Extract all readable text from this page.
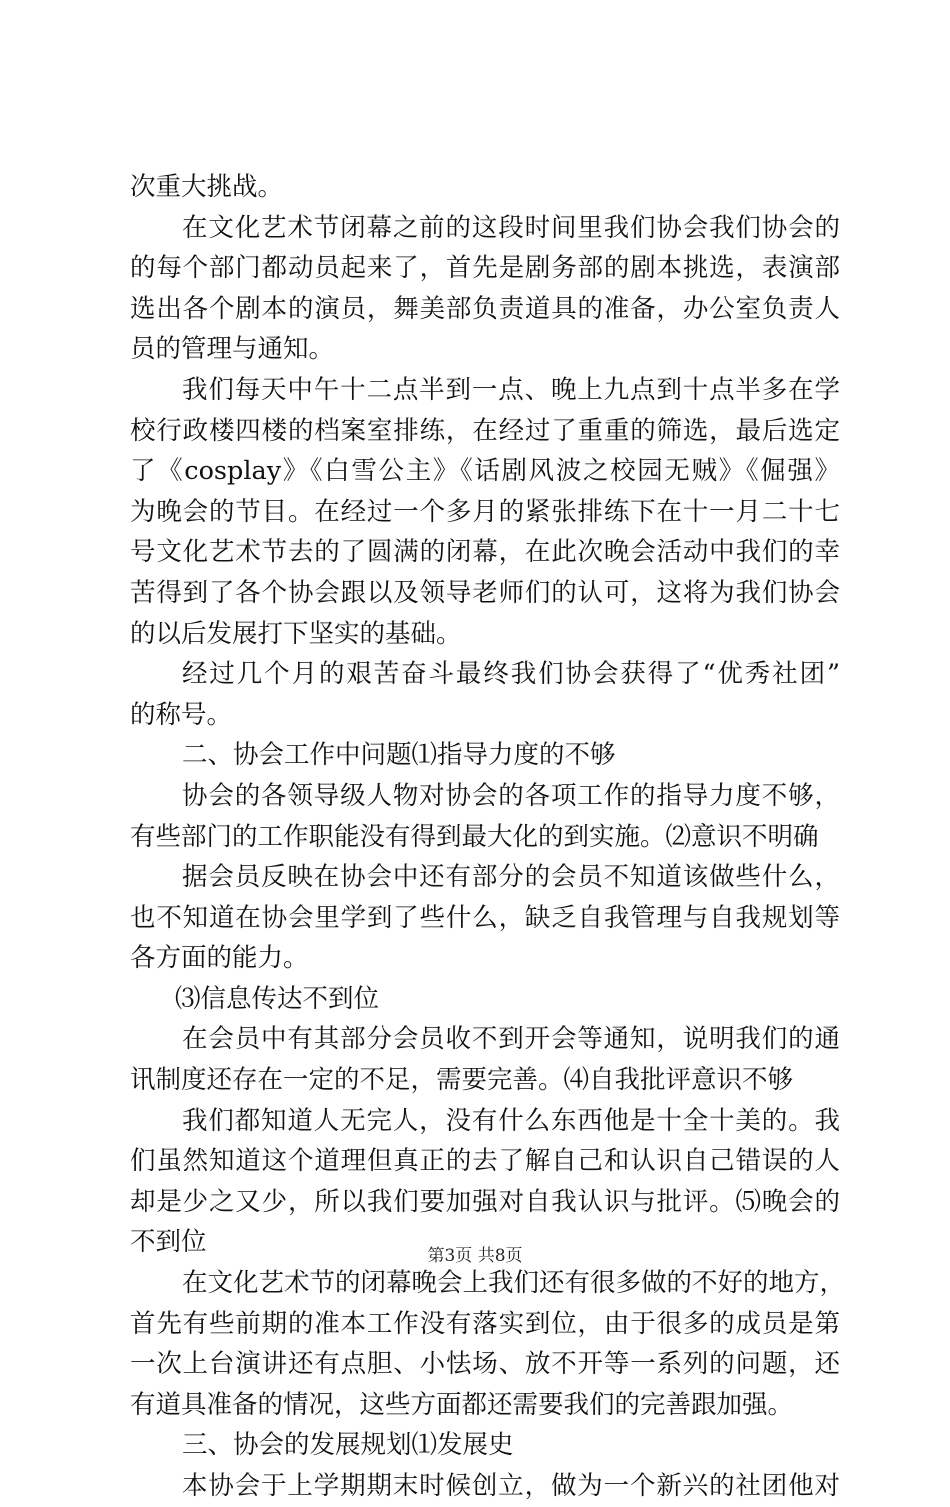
次重大挑战。
在文化艺术节闭幕之前的这段时间里我们协会我们协会的
的每个部门都动员起来了，首先是剧务部的剧本挑选，表演部
选出各个剧本的演员，舞美部负责道具的准备，办公室负责人
员的管理与通知。
我们每天中午十二点半到一点、晚上九点到十点半多在学
校行政楼四楼的档案室排练，在经过了重重的筛选，最后选定
了《cosplay》《白雪公主》《话剧风波之校园无贼》《倔强》
为晚会的节目。在经过一个多月的紧张排练下在十一月二十七
号文化艺术节去的了圆满的闭幕，在此次晚会活动中我们的幸
苦得到了各个协会跟以及领导老师们的认可，这将为我们协会
的以后发展打下坚实的基础。
经过几个月的艰苦奋斗最终我们协会获得了“优秀社团”
的称号。
二、协会工作中问题⑴指导力度的不够
协会的各领导级人物对协会的各项工作的指导力度不够，
有些部门的工作职能没有得到最大化的到实施。⑵意识不明确
据会员反映在协会中还有部分的会员不知道该做些什么，
也不知道在协会里学到了些什么，缺乏自我管理与自我规划等
各方面的能力。
⑶信息传达不到位
在会员中有其部分会员收不到开会等通知，说明我们的通
讯制度还存在一定的不足，需要完善。⑷自我批评意识不够
我们都知道人无完人，没有什么东西他是十全十美的。我
们虽然知道这个道理但真正的去了解自己和认识自己错误的人
却是少之又少，所以我们要加强对自我认识与批评。⑸晚会的
不到位
在文化艺术节的闭幕晚会上我们还有很多做的不好的地方，
首先有些前期的准本工作没有落实到位，由于很多的成员是第
一次上台演讲还有点胆、小怯场、放不开等一系列的问题，还
有道具准备的情况，这些方面都还需要我们的完善跟加强。
三、协会的发展规划⑴发展史
本协会于上学期期末时候创立，做为一个新兴的社团他对
第3页 共8页
